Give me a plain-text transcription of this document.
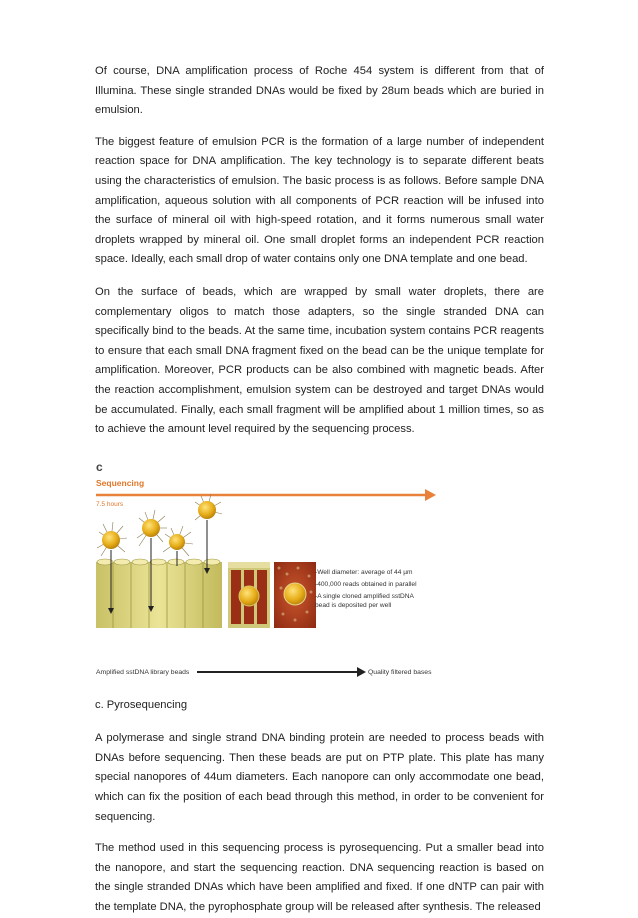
Of course, DNA amplification process of Roche 454 system is different from that of Illumina. These single stranded DNAs would be fixed by 28um beads which are buried in emulsion.

The biggest feature of emulsion PCR is the formation of a large number of independent reaction space for DNA amplification. The key technology is to separate different beats using the characteristics of emulsion. The basic process is as follows. Before sample DNA amplification, aqueous solution with all components of PCR reaction will be infused into the surface of mineral oil with high-speed rotation, and it forms numerous small water droplets wrapped by mineral oil. One small droplet forms an independent PCR reaction space. Ideally, each small drop of water contains only one DNA template and one bead.

On the surface of beads, which are wrapped by small water droplets, there are complementary oligos to match those adapters, so the single stranded DNA can specifically bind to the beads. At the same time, incubation system contains PCR reagents to ensure that each small DNA fragment fixed on the bead can be the unique template for amplification. Moreover, PCR products can be also combined with magnetic beads. After the reaction accomplishment, emulsion system can be destroyed and target DNAs would be accumulated. Finally, each small fragment will be amplified about 1 million times, so as to achieve the amount level required by the sequencing process.

c
Sequencing
7.5 hours
-Well diameter: average of 44 µm
-400,000 reads obtained in parallel
-A single cloned amplified sstDNA
bead is deposited per well
Amplified sstDNA library beads	Quality filtered bases

c. Pyrosequencing

A polymerase and single strand DNA binding protein are needed to process beads with DNAs before sequencing. Then these beads are put on PTP plate. This plate has many special nanopores of 44um diameters. Each nanopore can only accommodate one bead, which can fix the position of each bead through this method, in order to be convenient for sequencing.

The method used in this sequencing process is pyrosequencing. Put a smaller bead into the nanopore, and start the sequencing reaction. DNA sequencing reaction is based on the single stranded DNAs which have been amplified and fixed. If one dNTP can pair with the template DNA, the pyrophosphate group will be released after synthesis. The released
